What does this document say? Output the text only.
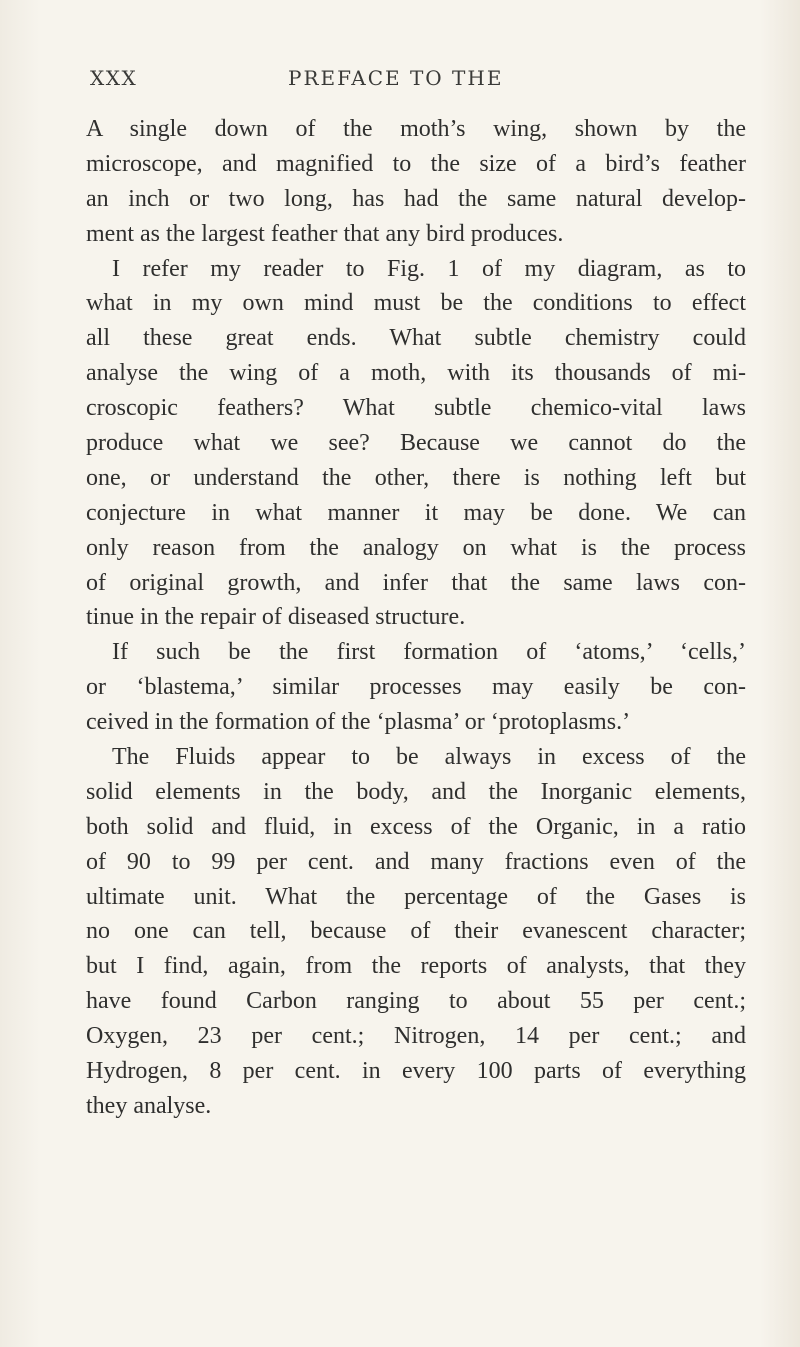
XXX	PREFACE TO THE
A single down of the moth’s wing, shown by the
microscope, and magnified to the size of a bird’s feather
an inch or two long, has had the same natural develop-
ment as the largest feather that any bird produces.
I refer my reader to Fig. 1 of my diagram, as to
what in my own mind must be the conditions to effect
all these great ends. What subtle chemistry could
analyse the wing of a moth, with its thousands of mi-
croscopic feathers? What subtle chemico-vital laws
produce what we see? Because we cannot do the
one, or understand the other, there is nothing left but
conjecture in what manner it may be done. We can
only reason from the analogy on what is the process
of original growth, and infer that the same laws con-
tinue in the repair of diseased structure.
If such be the first formation of ‘atoms,’ ‘cells,’
or ‘blastema,’ similar processes may easily be con-
ceived in the formation of the ‘plasma’ or ‘protoplasms.’
The Fluids appear to be always in excess of the
solid elements in the body, and the Inorganic elements,
both solid and fluid, in excess of the Organic, in a ratio
of 90 to 99 per cent. and many fractions even of the
ultimate unit. What the percentage of the Gases is
no one can tell, because of their evanescent character;
but I find, again, from the reports of analysts, that they
have found Carbon ranging to about 55 per cent.;
Oxygen, 23 per cent.; Nitrogen, 14 per cent.; and
Hydrogen, 8 per cent. in every 100 parts of everything
they analyse.
